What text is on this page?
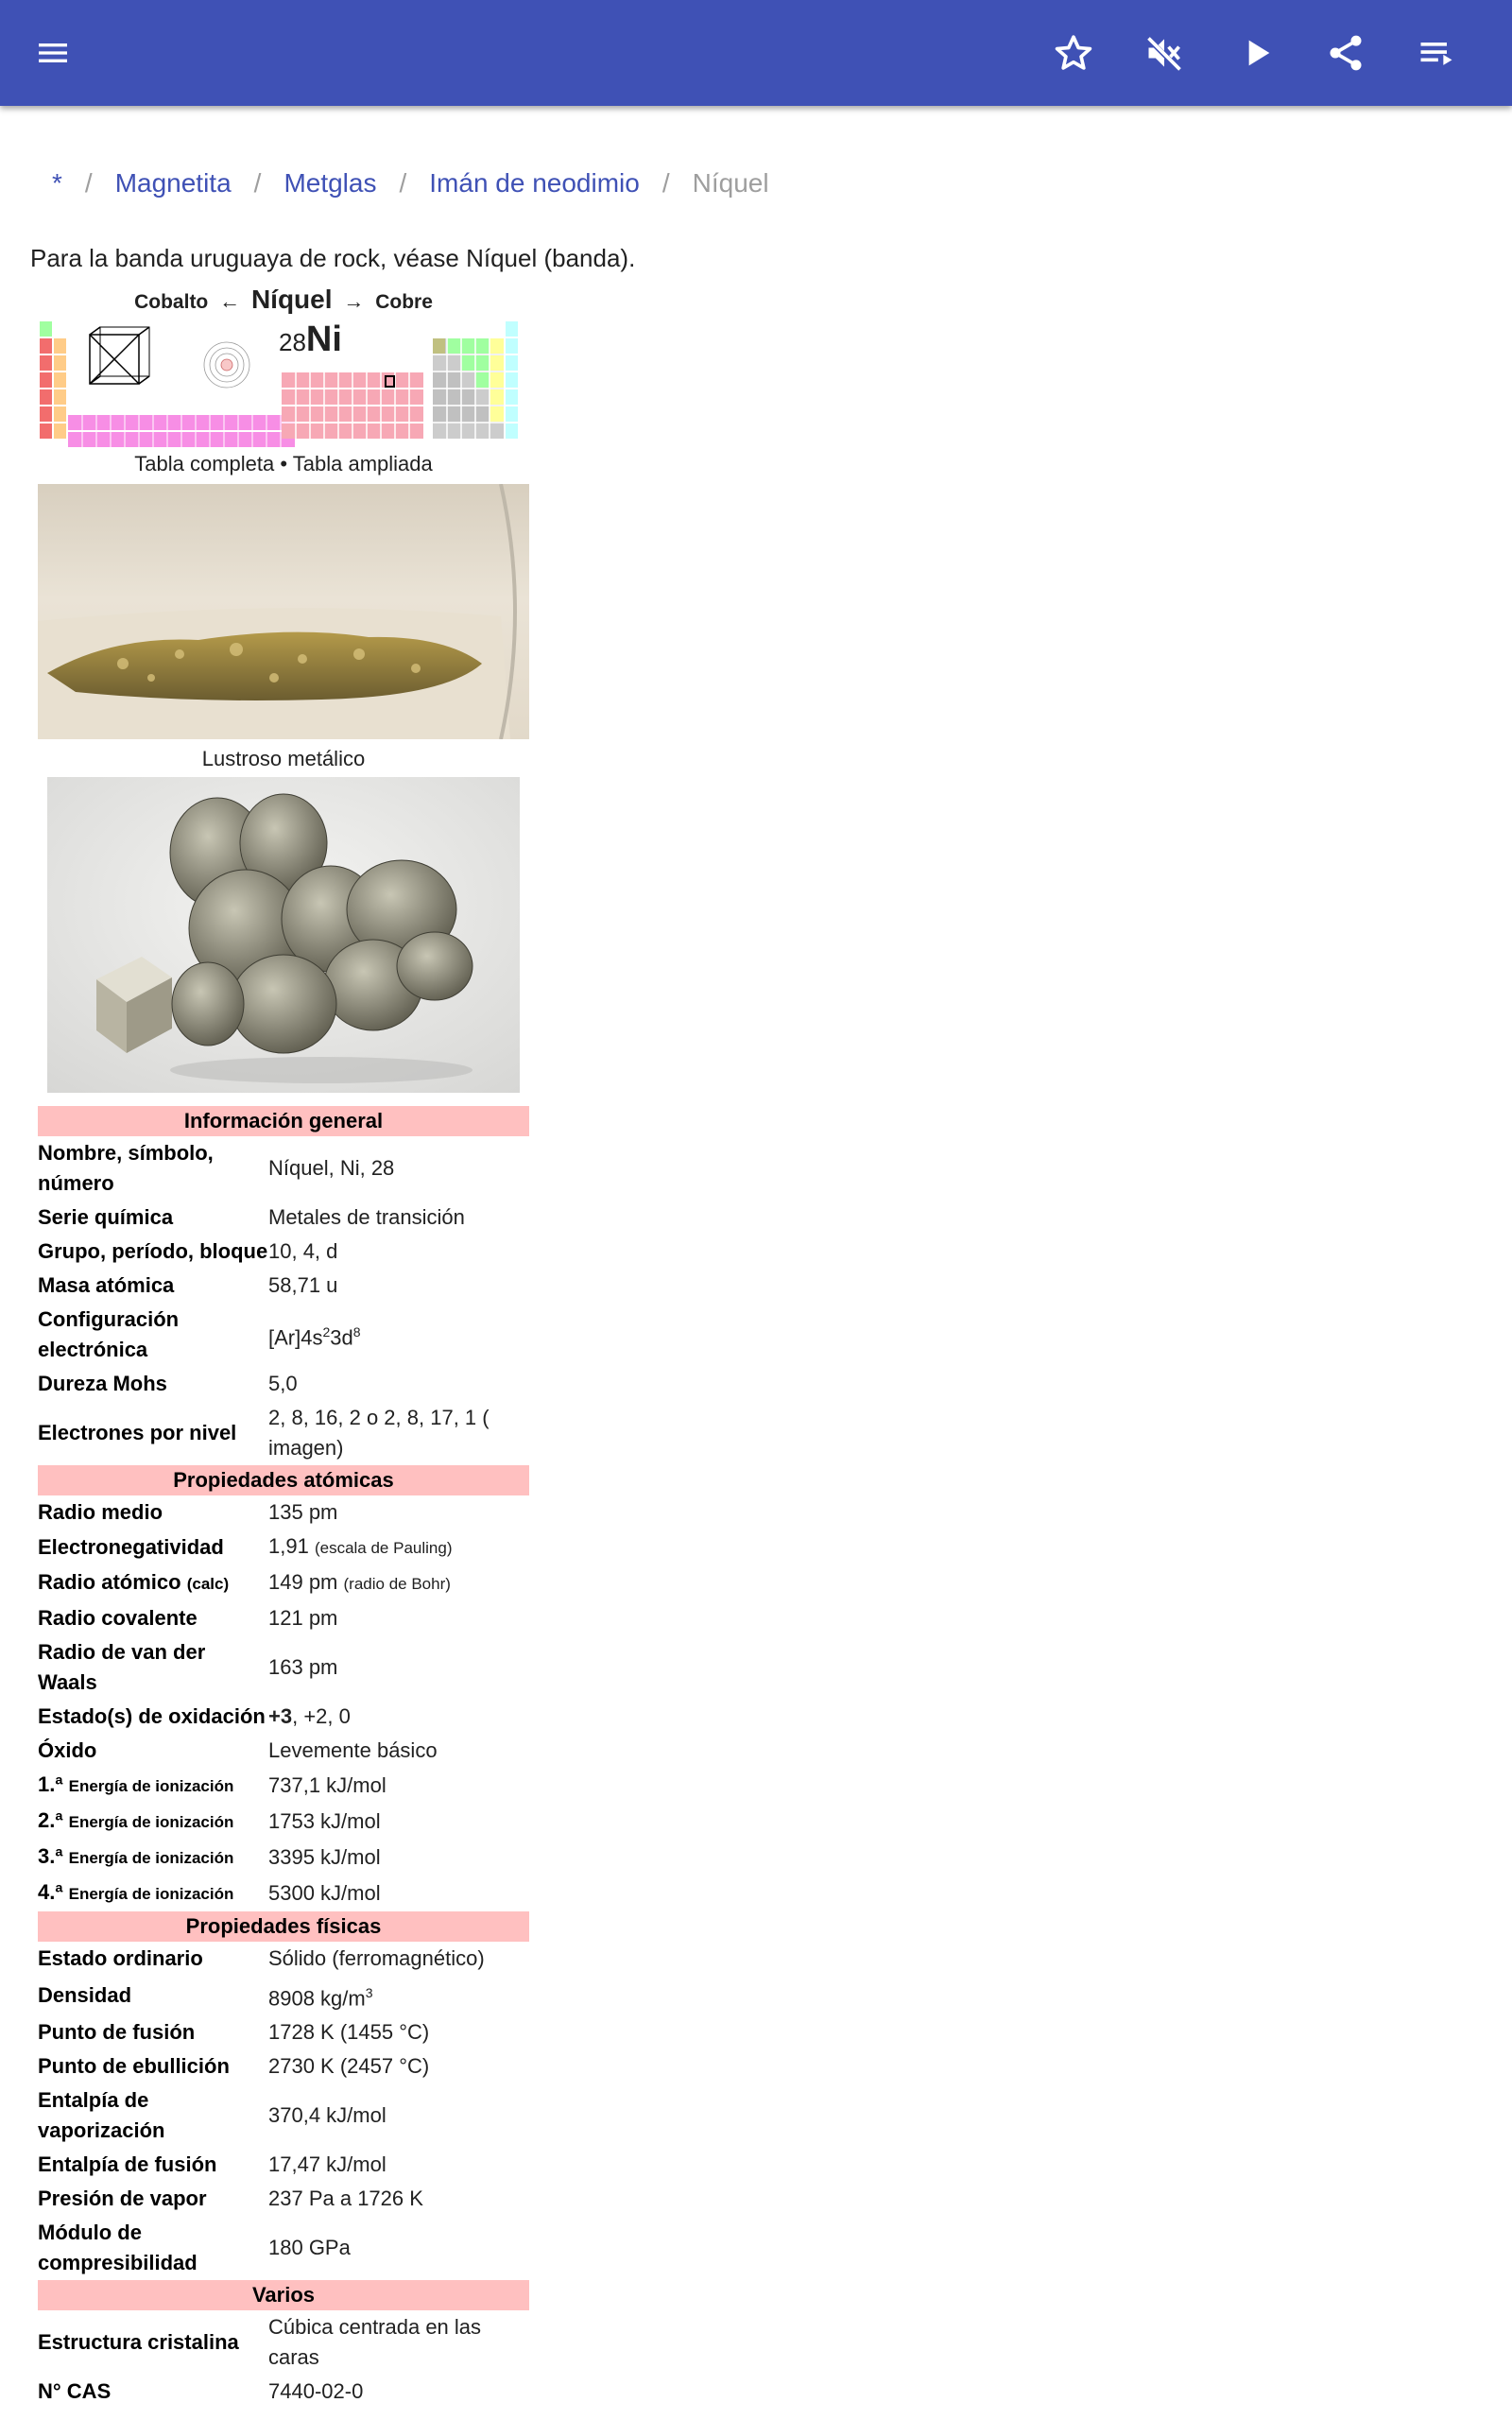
* / Magnetita / Metglas / Imán de neodimio / Níquel
Para la banda uruguaya de rock, véase Níquel (banda).
Cobalto ← Níquel → Cobre
28Ni
Tabla completa • Tabla ampliada
Lustroso metálico
Información general	
Nombre, símbolo, número	Níquel, Ni, 28
Serie química	Metales de transición
Grupo, período, bloque	10, 4, d
Masa atómica	58,71 u
Configuración electrónica	$[Ar]4s^23d^8$
Dureza Mohs	5,0
Electrones por nivel	2, 8, 16, 2 o 2, 8, 17, 1 ( imagen)
Propiedades atómicas	
Radio medio	135 pm
Electronegatividad	1,91 (escala de Pauling)
Radio atómico (calc)	149 pm (radio de Bohr)
Radio covalente	121 pm
Radio de van der Waals	163 pm
Estado(s) de oxidación	+3, +2, 0
Óxido	Levemente básico
1.ª Energía de ionización	737,1 kJ/mol
2.ª Energía de ionización	1753 kJ/mol
3.ª Energía de ionización	3395 kJ/mol
4.ª Energía de ionización	5300 kJ/mol
Propiedades físicas	
Estado ordinario	Sólido (ferromagnético)
Densidad	8908 $kg/m^3$
Punto de fusión	1728 K (1455 °C)
Punto de ebullición	2730 K (2457 °C)
Entalpía de vaporización	370,4 kJ/mol
Entalpía de fusión	17,47 kJ/mol
Presión de vapor	237 Pa a 1726 K
Módulo de compresibilidad	180 GPa
Varios	
Estructura cristalina	Cúbica centrada en las caras
N° CAS	7440-02-0
